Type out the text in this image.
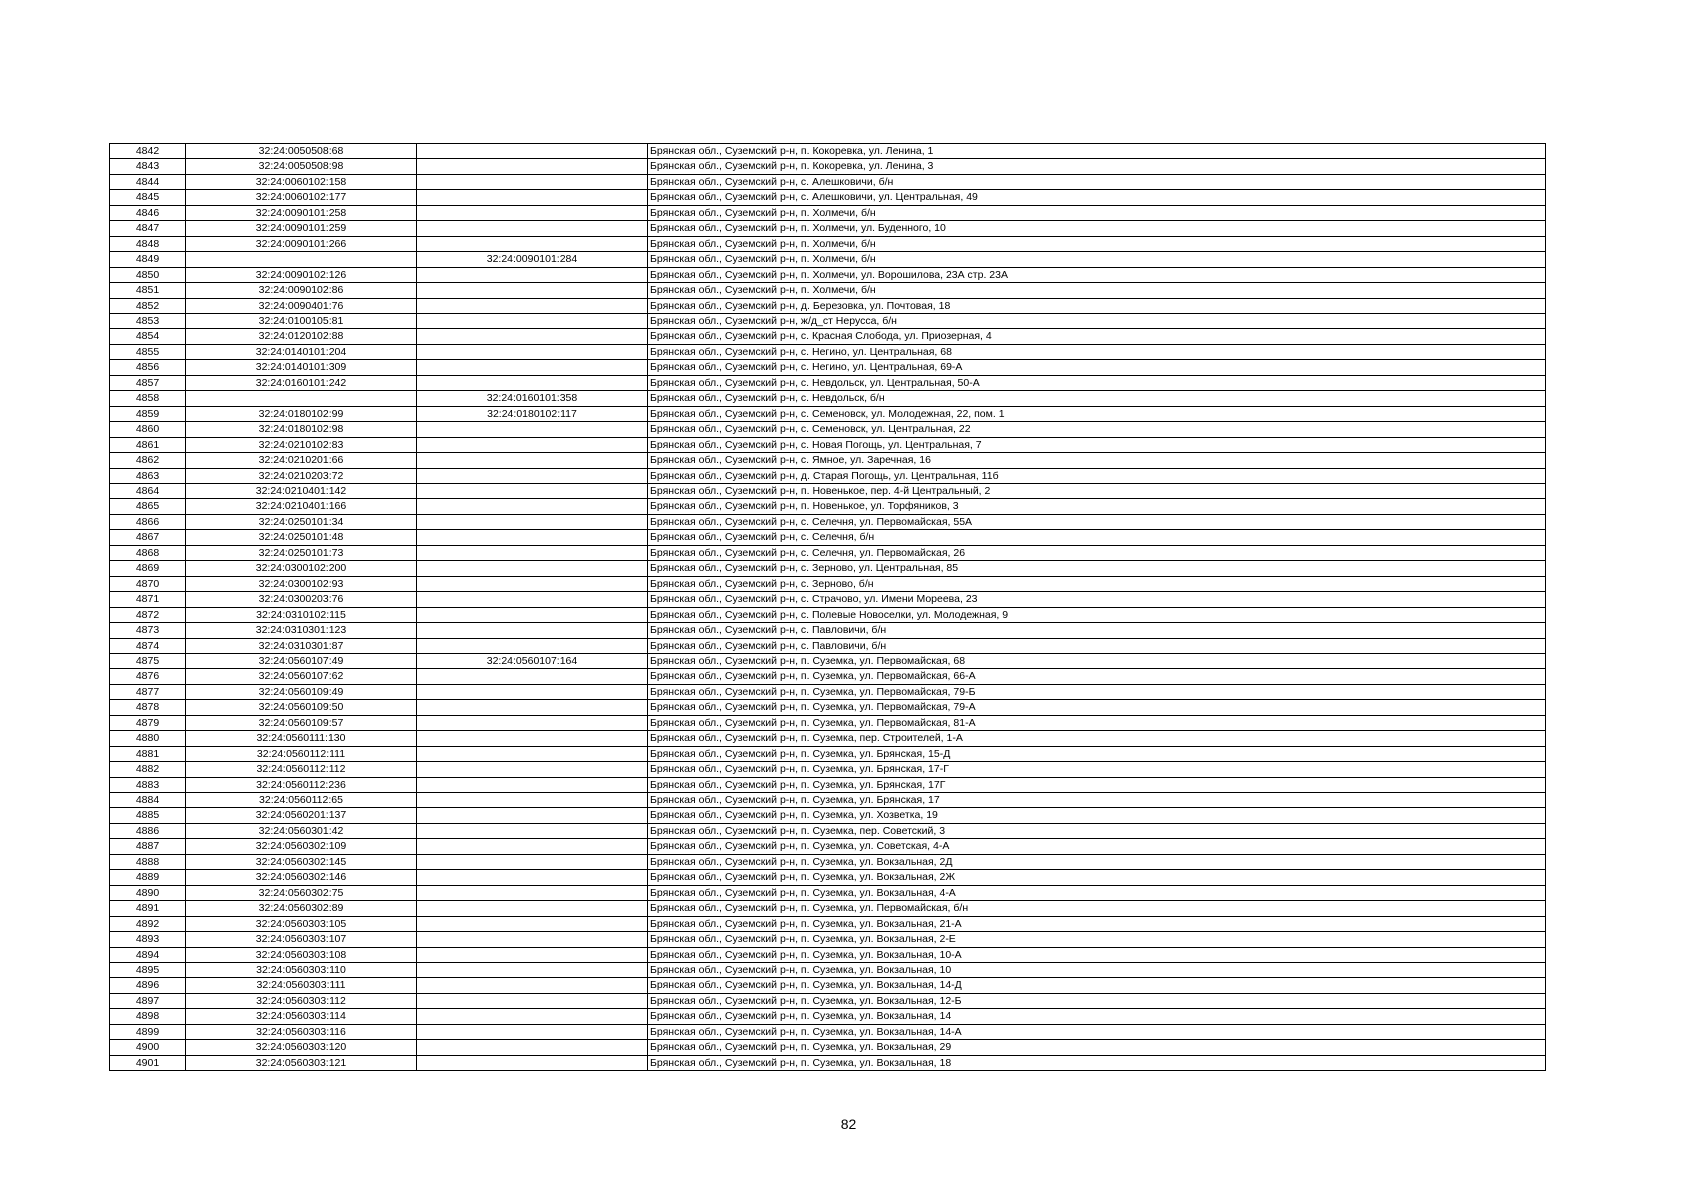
4842	32:24:0050508:68		Брянская обл., Суземский р-н, п. Кокоревка, ул. Ленина, 1
4843	32:24:0050508:98		Брянская обл., Суземский р-н, п. Кокоревка, ул. Ленина, 3
4844	32:24:0060102:158		Брянская обл., Суземский р-н, с. Алешковичи, б/н
4845	32:24:0060102:177		Брянская обл., Суземский р-н, с. Алешковичи, ул. Центральная, 49
4846	32:24:0090101:258		Брянская обл., Суземский р-н, п. Холмечи, б/н
4847	32:24:0090101:259		Брянская обл., Суземский р-н, п. Холмечи, ул. Буденного, 10
4848	32:24:0090101:266		Брянская обл., Суземский р-н, п. Холмечи, б/н
4849		32:24:0090101:284	Брянская обл., Суземский р-н, п. Холмечи, б/н
4850	32:24:0090102:126		Брянская обл., Суземский р-н, п. Холмечи, ул. Ворошилова, 23А стр. 23А
4851	32:24:0090102:86		Брянская обл., Суземский р-н, п. Холмечи, б/н
4852	32:24:0090401:76		Брянская обл., Суземский р-н, д. Березовка, ул. Почтовая, 18
4853	32:24:0100105:81		Брянская обл., Суземский р-н, ж/д_ст Нерусса, б/н
4854	32:24:0120102:88		Брянская обл., Суземский р-н, с. Красная Слобода, ул. Приозерная, 4
4855	32:24:0140101:204		Брянская обл., Суземский р-н, с. Негино, ул. Центральная, 68
4856	32:24:0140101:309		Брянская обл., Суземский р-н, с. Негино, ул. Центральная, 69-А
4857	32:24:0160101:242		Брянская обл., Суземский р-н, с. Невдольск, ул. Центральная, 50-А
4858		32:24:0160101:358	Брянская обл., Суземский р-н, с. Невдольск, б/н
4859	32:24:0180102:99	32:24:0180102:117	Брянская обл., Суземский р-н, с. Семеновск, ул. Молодежная, 22, пом. 1
4860	32:24:0180102:98		Брянская обл., Суземский р-н, с. Семеновск, ул. Центральная, 22
4861	32:24:0210102:83		Брянская обл., Суземский р-н, с. Новая Погощь, ул. Центральная, 7
4862	32:24:0210201:66		Брянская обл., Суземский р-н, с. Ямное, ул. Заречная, 16
4863	32:24:0210203:72		Брянская обл., Суземский р-н, д. Старая Погощь, ул. Центральная, 11б
4864	32:24:0210401:142		Брянская обл., Суземский р-н, п. Новенькое, пер. 4-й Центральный, 2
4865	32:24:0210401:166		Брянская обл., Суземский р-н, п. Новенькое, ул. Торфяников, 3
4866	32:24:0250101:34		Брянская обл., Суземский р-н, с. Селечня, ул. Первомайская, 55А
4867	32:24:0250101:48		Брянская обл., Суземский р-н, с. Селечня, б/н
4868	32:24:0250101:73		Брянская обл., Суземский р-н, с. Селечня, ул. Первомайская, 26
4869	32:24:0300102:200		Брянская обл., Суземский р-н, с. Зерново, ул. Центральная, 85
4870	32:24:0300102:93		Брянская обл., Суземский р-н, с. Зерново, б/н
4871	32:24:0300203:76		Брянская обл., Суземский р-н, с. Страчово, ул. Имени Мореева, 23
4872	32:24:0310102:115		Брянская обл., Суземский р-н, с. Полевые Новоселки, ул. Молодежная, 9
4873	32:24:0310301:123		Брянская обл., Суземский р-н, с. Павловичи, б/н
4874	32:24:0310301:87		Брянская обл., Суземский р-н, с. Павловичи, б/н
4875	32:24:0560107:49	32:24:0560107:164	Брянская обл., Суземский р-н, п. Суземка, ул. Первомайская, 68
4876	32:24:0560107:62		Брянская обл., Суземский р-н, п. Суземка, ул. Первомайская, 66-А
4877	32:24:0560109:49		Брянская обл., Суземский р-н, п. Суземка, ул. Первомайская, 79-Б
4878	32:24:0560109:50		Брянская обл., Суземский р-н, п. Суземка, ул. Первомайская, 79-А
4879	32:24:0560109:57		Брянская обл., Суземский р-н, п. Суземка, ул. Первомайская, 81-А
4880	32:24:0560111:130		Брянская обл., Суземский р-н, п. Суземка, пер. Строителей, 1-А
4881	32:24:0560112:111		Брянская обл., Суземский р-н, п. Суземка, ул. Брянская, 15-Д
4882	32:24:0560112:112		Брянская обл., Суземский р-н, п. Суземка, ул. Брянская, 17-Г
4883	32:24:0560112:236		Брянская обл., Суземский р-н, п. Суземка, ул. Брянская, 17Г
4884	32:24:0560112:65		Брянская обл., Суземский р-н, п. Суземка, ул. Брянская, 17
4885	32:24:0560201:137		Брянская обл., Суземский р-н, п. Суземка, ул. Хозветка, 19
4886	32:24:0560301:42		Брянская обл., Суземский р-н, п. Суземка, пер. Советский, 3
4887	32:24:0560302:109		Брянская обл., Суземский р-н, п. Суземка, ул. Советская, 4-А
4888	32:24:0560302:145		Брянская обл., Суземский р-н, п. Суземка, ул. Вокзальная, 2Д
4889	32:24:0560302:146		Брянская обл., Суземский р-н, п. Суземка, ул. Вокзальная, 2Ж
4890	32:24:0560302:75		Брянская обл., Суземский р-н, п. Суземка, ул. Вокзальная, 4-А
4891	32:24:0560302:89		Брянская обл., Суземский р-н, п. Суземка, ул. Первомайская, б/н
4892	32:24:0560303:105		Брянская обл., Суземский р-н, п. Суземка, ул. Вокзальная, 21-А
4893	32:24:0560303:107		Брянская обл., Суземский р-н, п. Суземка, ул. Вокзальная, 2-Е
4894	32:24:0560303:108		Брянская обл., Суземский р-н, п. Суземка, ул. Вокзальная, 10-А
4895	32:24:0560303:110		Брянская обл., Суземский р-н, п. Суземка, ул. Вокзальная, 10
4896	32:24:0560303:111		Брянская обл., Суземский р-н, п. Суземка, ул. Вокзальная, 14-Д
4897	32:24:0560303:112		Брянская обл., Суземский р-н, п. Суземка, ул. Вокзальная, 12-Б
4898	32:24:0560303:114		Брянская обл., Суземский р-н, п. Суземка, ул. Вокзальная, 14
4899	32:24:0560303:116		Брянская обл., Суземский р-н, п. Суземка, ул. Вокзальная, 14-А
4900	32:24:0560303:120		Брянская обл., Суземский р-н, п. Суземка, ул. Вокзальная, 29
4901	32:24:0560303:121		Брянская обл., Суземский р-н, п. Суземка, ул. Вокзальная, 18
82
